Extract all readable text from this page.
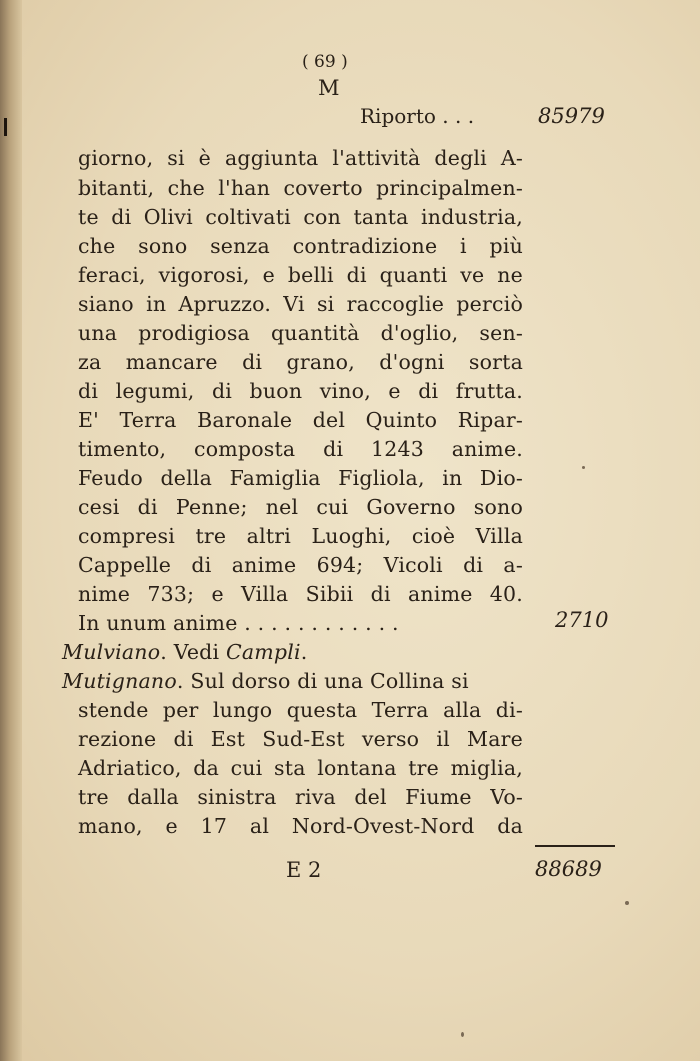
( 69 )
M
Riporto . . .	85979
giorno, si è aggiunta l'attività degli A-
bitanti, che l'han coverto principalmen-
te di Olivi coltivati con tanta industria,
che sono senza contradizione i più
feraci, vigorosi, e belli di quanti ve ne
siano in Apruzzo. Vi si raccoglie perciò
una prodigiosa quantità d'oglio, sen-
za mancare di grano, d'ogni sorta
di legumi, di buon vino, e di frutta.
E' Terra Baronale del Quinto Ripar-
timento, composta di 1243 anime.
Feudo della Famiglia Figliola, in Dio-
cesi di Penne; nel cui Governo sono
compresi tre altri Luoghi, cioè Villa
Cappelle di anime 694; Vicoli di a-
nime 733; e Villa Sibii di anime 40.
In unum anime . . . . . . . . . . . .	2710
Mulviano. Vedi Campli.
Mutignano. Sul dorso di una Collina si
stende per lungo questa Terra alla di-
rezione di Est Sud-Est verso il Mare
Adriatico, da cui sta lontana tre miglia,
tre dalla sinistra riva del Fiume Vo-
mano, e 17 al Nord-Ovest-Nord da
E 2	88689
